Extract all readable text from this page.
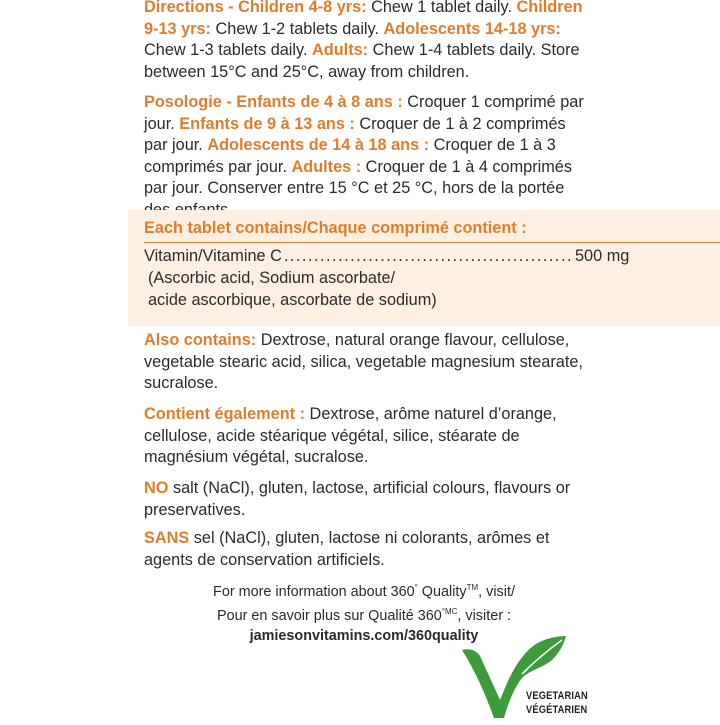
Directions - Children 4-8 yrs: Chew 1 tablet daily. Children 9-13 yrs: Chew 1-2 tablets daily. Adolescents 14-18 yrs: Chew 1-3 tablets daily. Adults: Chew 1-4 tablets daily. Store between 15°C and 25°C, away from children.

Posologie - Enfants de 4 à 8 ans : Croquer 1 comprimé par jour. Enfants de 9 à 13 ans : Croquer de 1 à 2 comprimés par jour. Adolescents de 14 à 18 ans : Croquer de 1 à 3 comprimés par jour. Adultes : Croquer de 1 à 4 comprimés par jour. Conserver entre 15 °C et 25 °C, hors de la portée

Each tablet contains/Chaque comprimé contient :
Vitamin/Vitamine C ................................................ 500 mg
(Ascorbic acid, Sodium ascorbate/
acide ascorbique, ascorbate de sodium)

Also contains: Dextrose, natural orange flavour, cellulose, vegetable stearic acid, silica, vegetable magnesium stearate, sucralose.

Contient également : Dextrose, arôme naturel d’orange, cellulose, acide stéarique végétal, silice, stéarate de magnésium végétal, sucralose.

NO salt (NaCl), gluten, lactose, artificial colours, flavours or preservatives.

SANS sel (NaCl), gluten, lactose ni colorants, arômes et agents de conservation artificiels.

For more information about 360° Quality™, visit/
Pour en savoir plus sur Qualité $360^{^\circ MC}$, visiter :
jamiesonvitamins.com/360quality
VEGETARIAN
VÉGÉTARIEN
